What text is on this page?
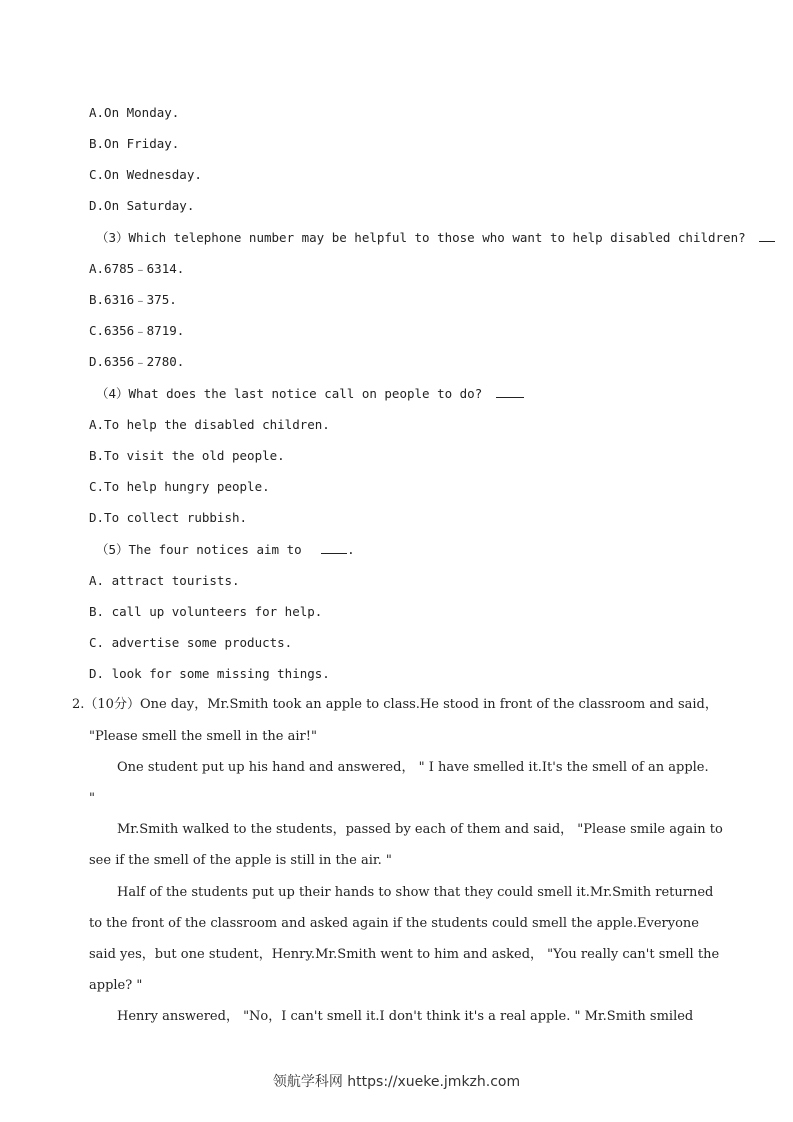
A.On Monday.
B.On Friday.
C.On Wednesday.
D.On Saturday.
（3）Which telephone number may be helpful to those who want to help disabled children?
A.6785﹣6314.
B.6316﹣375.
C.6356﹣8719.
D.6356﹣2780.
（4）What does the last notice call on people to do?
A.To help the disabled children.
B.To visit the old people.
C.To help hungry people.
D.To collect rubbish.
（5）The four notices aim to	.
A. attract tourists.
B. call up volunteers for help.
C. advertise some products.
D. look for some missing things.
2.（10分）One day，Mr.Smith took an apple to class.He stood in front of the classroom and said，
"Please smell the smell in the air!"
One student put up his hand and answered， " I have smelled it.It's the smell of an apple.
"
Mr.Smith walked to the students，passed by each of them and said， "Please smile again to
see if the smell of the apple is still in the air. "
Half of the students put up their hands to show that they could smell it.Mr.Smith returned
to the front of the classroom and asked again if the students could smell the apple.Everyone
said yes，but one student，Henry.Mr.Smith went to him and asked， "You really can't smell the
apple? "
Henry answered， "No，I can't smell it.I don't think it's a real apple. " Mr.Smith smiled
领航学科网 https://xueke.jmkzh.com
